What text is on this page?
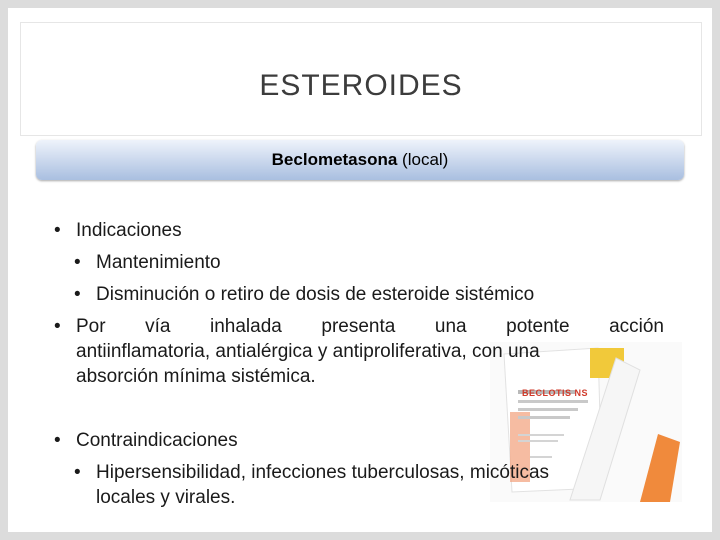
ESTEROIDES
Beclometasona (local)
BECLOTIS NS
• Indicaciones
• Mantenimiento
• Disminución o retiro de dosis de esteroide sistémico
• Por vía inhalada presenta una potente acción
antiinflamatoria, antialérgica y antiproliferativa, con una
absorción mínima sistémica.
• Contraindicaciones
• Hipersensibilidad, infecciones tuberculosas, micóticas
locales y virales.
